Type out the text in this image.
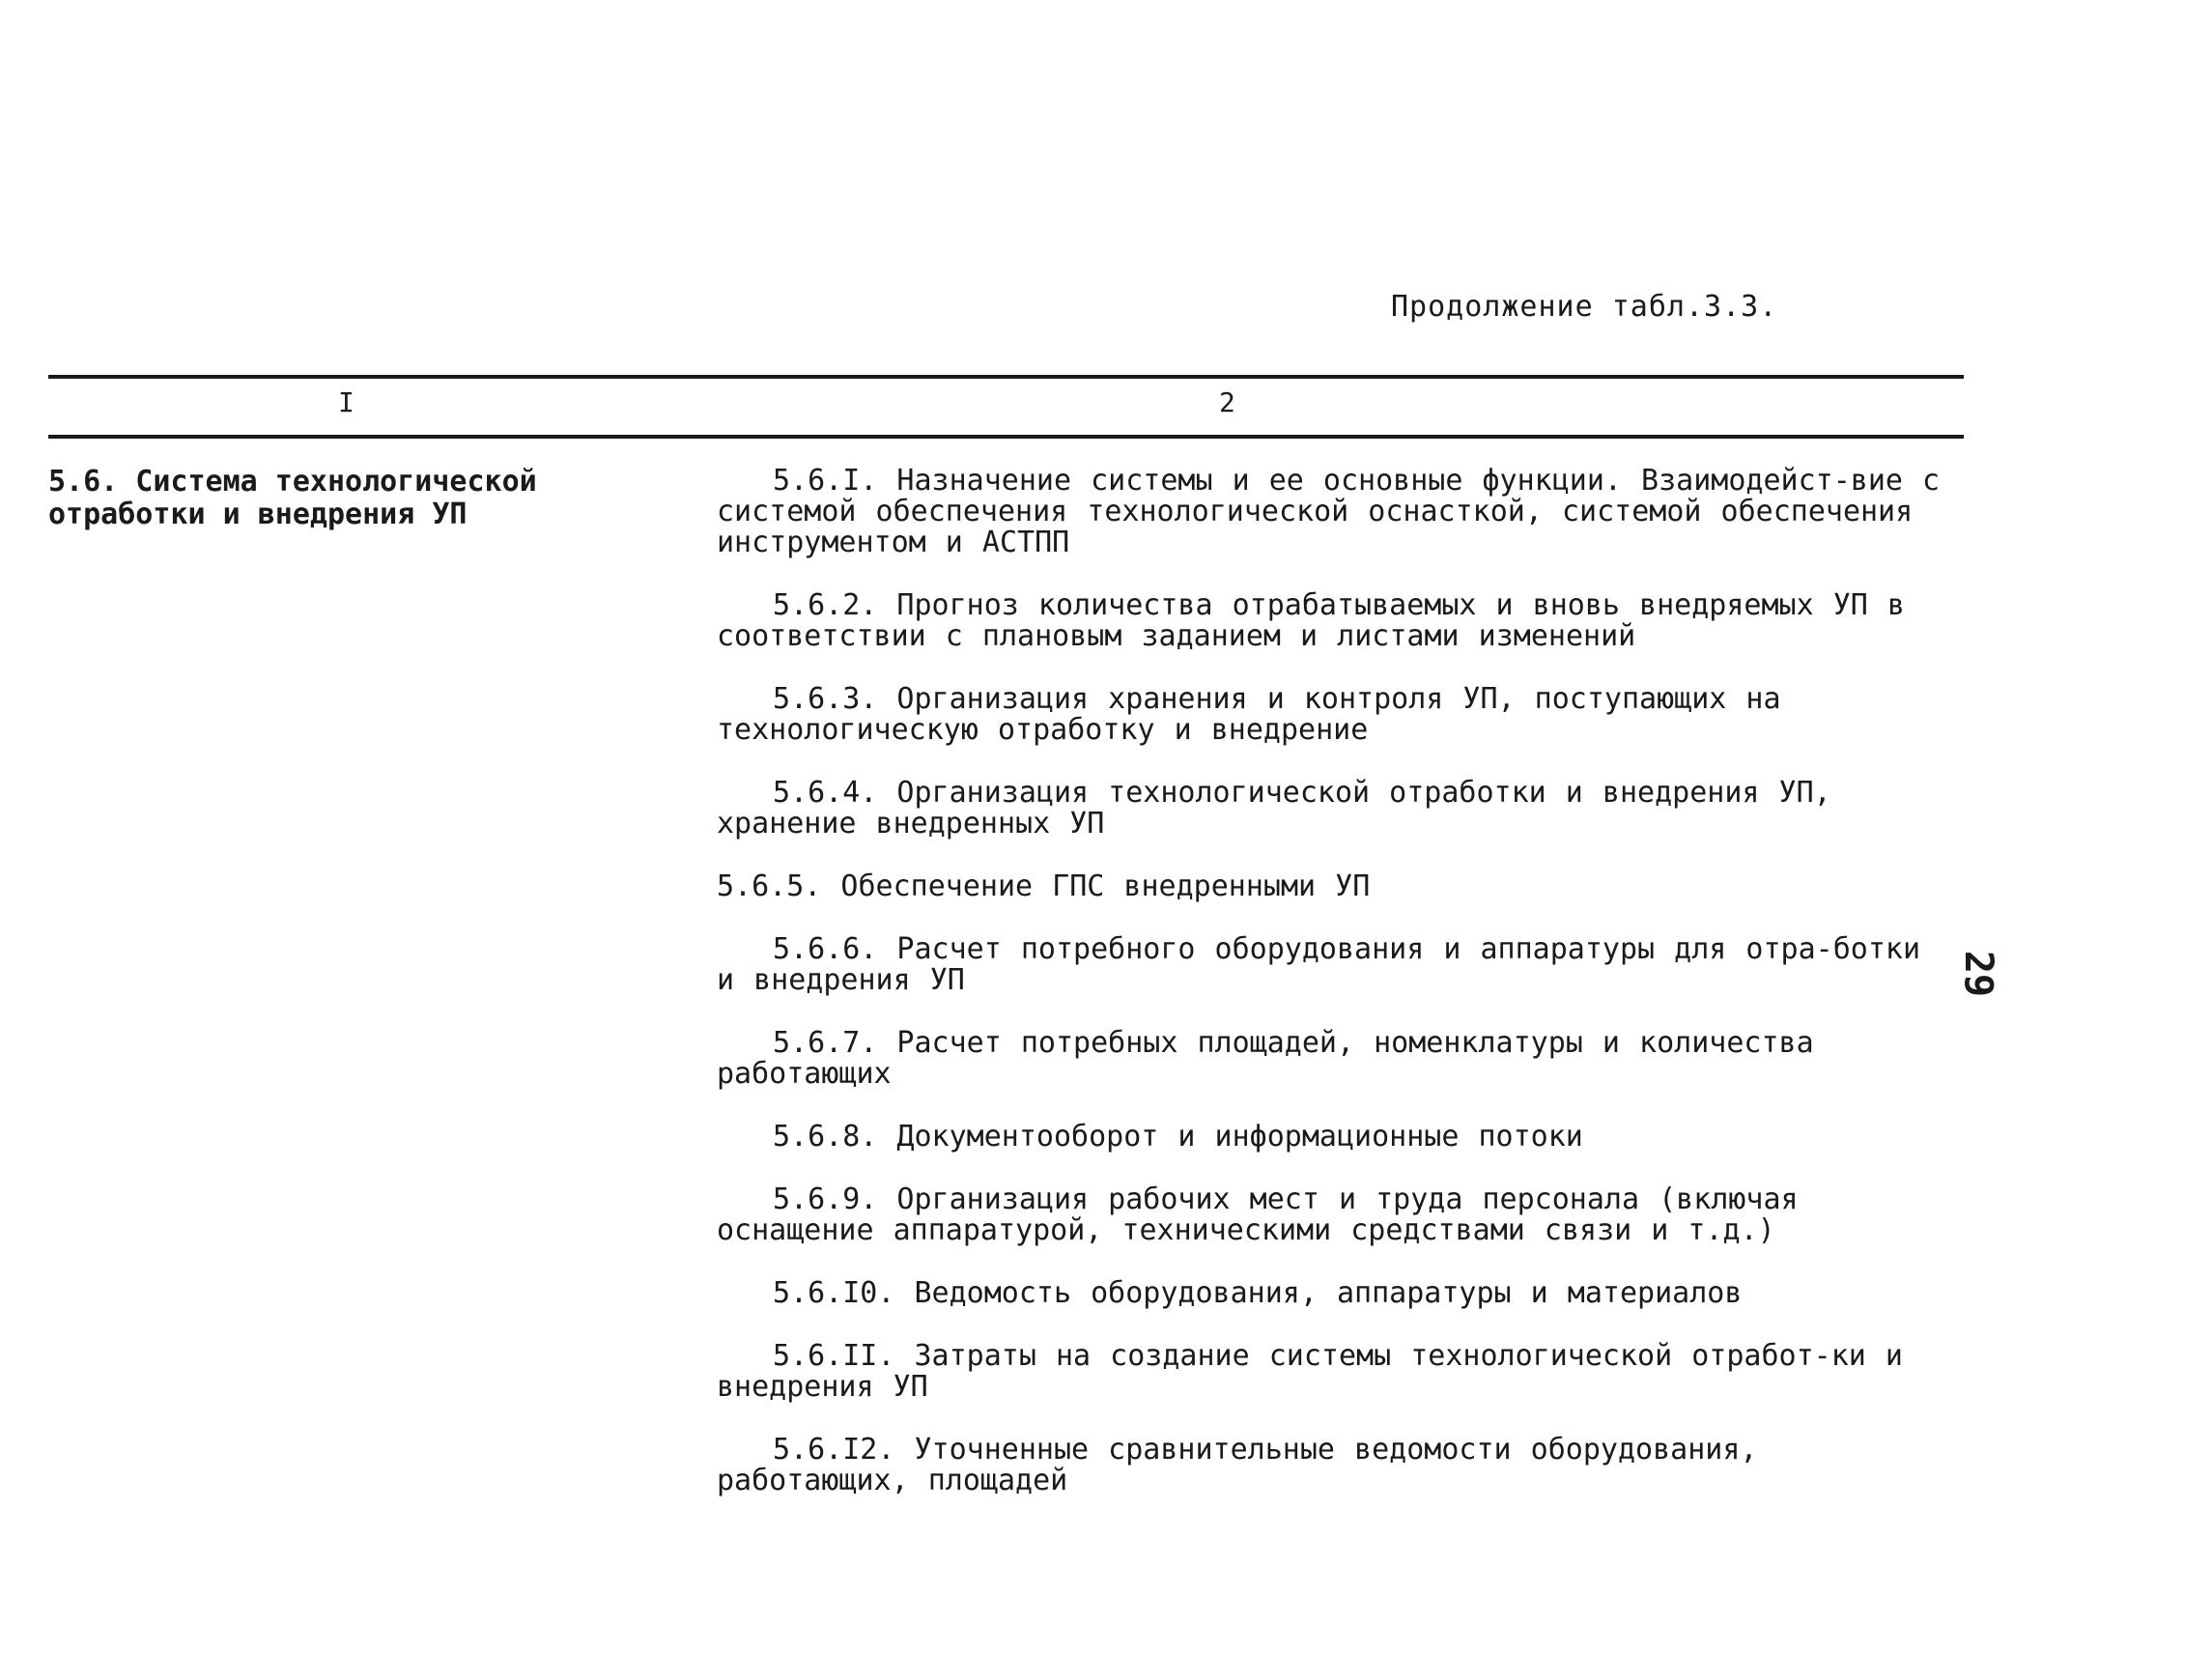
Продолжение табл.3.3.
I	2
5.6. Система технологической
отработки и внедрения УП

5.6.I. Назначение системы и ее основные функции. Взаимодейст-вие с системой обеспечения технологической оснасткой, системой обеспечения инструментом и АСТПП

5.6.2. Прогноз количества отрабатываемых и вновь внедряемых УП в соответствии с плановым заданием и листами изменений

5.6.3. Организация хранения и контроля УП, поступающих на технологическую отработку и внедрение

5.6.4. Организация технологической отработки и внедрения УП, хранение внедренных УП

5.6.5. Обеспечение ГПС внедренными УП

5.6.6. Расчет потребного оборудования и аппаратуры для отра-ботки и внедрения УП

5.6.7. Расчет потребных площадей, номенклатуры и количества работающих

5.6.8. Документооборот и информационные потоки

5.6.9. Организация рабочих мест и труда персонала (включая оснащение аппаратурой, техническими средствами связи и т.д.)

5.6.I0. Ведомость оборудования, аппаратуры и материалов

5.6.II. Затраты на создание системы технологической отработ-ки и внедрения УП

5.6.I2. Уточненные сравнительные ведомости оборудования, работающих, площадей

29
